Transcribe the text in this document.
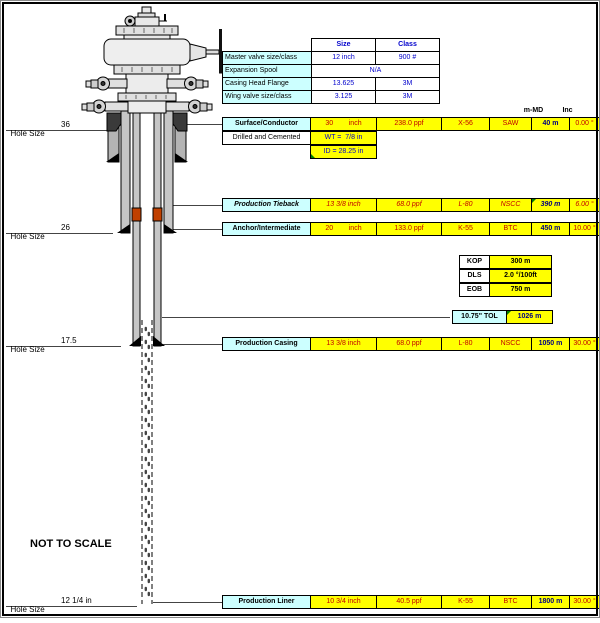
Size	Class
Master valve size/class	12 inch	900 #
Expansion Spool	N/A
Casing Head Flange	13.625	3M
Wing valve size/class	3.125	3M
m-MD	Inc
Surface/Conductor	30        inch	238.0 ppf	X-56	SAW	40 m	0.00 °
Drilled and Cemented	WT =  7/8 in
ID = 28.25 in
Production Tieback	13 3/8 inch	68.0 ppf	L-80	NSCC	390 m	6.00 °
Anchor/Intermediate	20        inch	133.0 ppf	K-55	BTC	450 m	10.00 °
KOP	300 m
DLS	2.0 °/100ft
EOB	750 m
10.75" TOL	1026 m
Production Casing	13 3/8 inch	68.0 ppf	L-80	NSCC	1050 m	30.00 °
Production Liner	10 3/4 inch	40.5 ppf	K-55	BTC	1800 m	30.00 °

Hole Size

36

Hole Size

26

Hole Size

17.5

Hole Size

12 1/4 in

NOT TO SCALE
